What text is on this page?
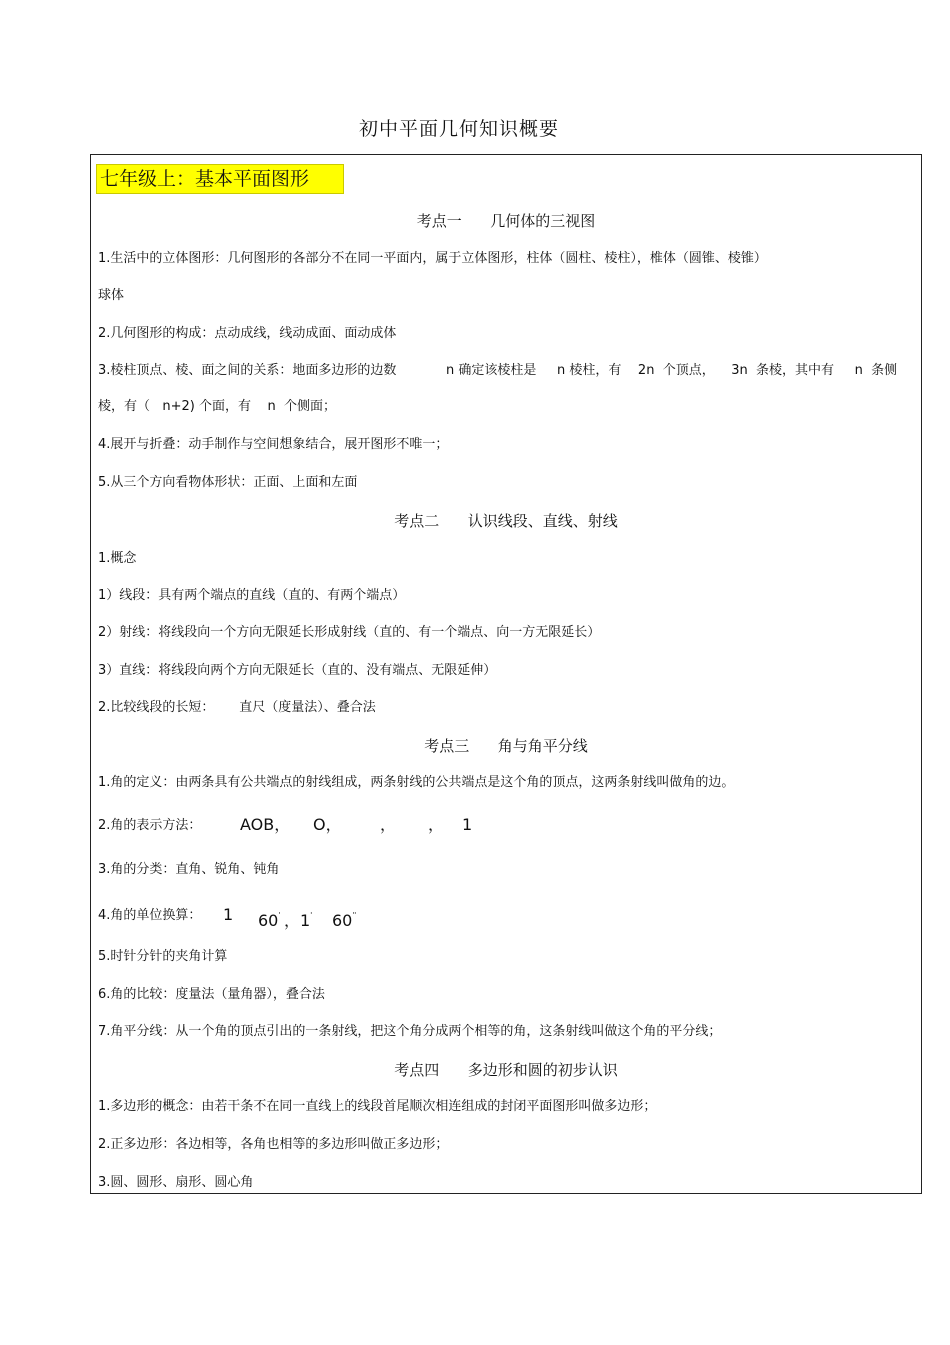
初中平面几何知识概要
七年级上：基本平面图形
考点一      几何体的三视图
1.生活中的立体图形：几何图形的各部分不在同一平面内，属于立体图形，柱体（圆柱、棱柱），椎体（圆锥、棱锥）
球体
2.几何图形的构成：点动成线，线动成面、面动成体
3.棱柱顶点、棱、面之间的关系：地面多边形的边数            n 确定该棱柱是     n 棱柱，有    2n  个顶点，    3n  条棱，其中有     n  条侧
棱，有（   n+2) 个面，有    n  个侧面；
4.展开与折叠：动手制作与空间想象结合，展开图形不唯一；
5.从三个方向看物体形状：正面、上面和左面
考点二      认识线段、直线、射线
1.概念
1）线段：具有两个端点的直线（直的、有两个端点）
2）射线：将线段向一个方向无限延长形成射线（直的、有一个端点、向一方无限延长）
3）直线：将线段向两个方向无限延长（直的、没有端点、无限延伸）
2.比较线段的长短：      直尺（度量法）、叠合法
考点三      角与角平分线
1.角的定义：由两条具有公共端点的射线组成，两条射线的公共端点是这个角的顶点，这两条射线叫做角的边。
2.角的表示方法： AOB， O， ， ， 1
3.角的分类：直角、锐角、钝角
4.角的单位换算： 1 60' ，1' 60''
5.时针分针的夹角计算
6.角的比较：度量法（量角器），叠合法
7.角平分线：从一个角的顶点引出的一条射线，把这个角分成两个相等的角，这条射线叫做这个角的平分线；
考点四      多边形和圆的初步认识
1.多边形的概念：由若干条不在同一直线上的线段首尾顺次相连组成的封闭平面图形叫做多边形；
2.正多边形：各边相等，各角也相等的多边形叫做正多边形；
3.圆、圆形、扇形、圆心角
